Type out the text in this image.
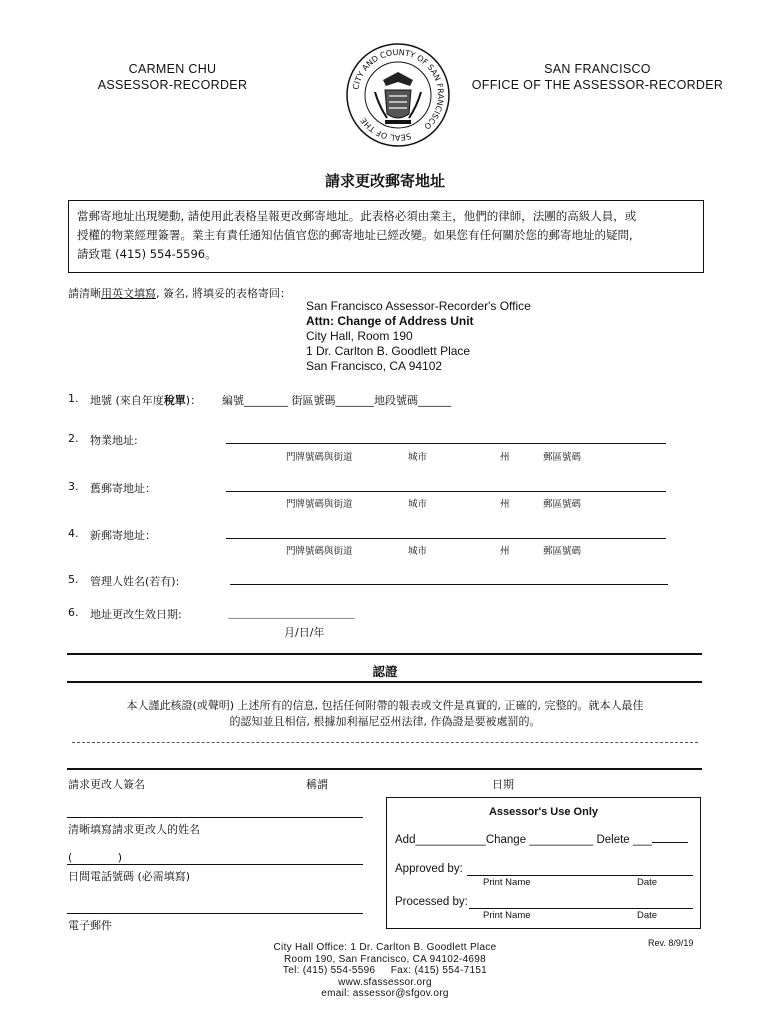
CARMEN CHU
ASSESSOR-RECORDER
SAN FRANCISCO
OFFICE OF THE ASSESSOR-RECORDER
CITY AND COUNTY OF SAN FRANCISCO
SEAL OF THE
請求更改郵寄地址
當郵寄地址出現變動, 請使用此表格呈報更改郵寄地址。此表格必須由業主，他們的律師，法團的高級人員，或
授權的物業經理簽署。業主有責任通知估值官您的郵寄地址已經改變。如果您有任何關於您的郵寄地址的疑問,
請致電 (415) 554-5596。
請清晰用英文填寫, 簽名, 將填妥的表格寄回：
San Francisco Assessor-Recorder's Office
Attn: Change of Address Unit
City Hall, Room 190
1 Dr. Carlton B. Goodlett Place
San Francisco, CA 94102
1. 地號 (來自年度稅單)： 編號________ 街區號碼_______地段號碼______
2. 物業地址:
門牌號碼與街道	城市	州	郵區號碼
3. 舊郵寄地址：
門牌號碼與街道	城市	州	郵區號碼
4. 新郵寄地址：
門牌號碼與街道	城市	州	郵區號碼
5. 管理人姓名(若有):
6. 地址更改生效日期:	_______________________
月/日/年
認證
本人謹此核證(或聲明) 上述所有的信息, 包括任何附帶的報表或文件是真實的, 正確的, 完整的。就本人最佳
的認知並且相信, 根據加利福尼亞州法律, 作偽證是要被處罰的。
請求更改人簽名	稱謂	日期
清晰填寫請求更改人的姓名
(             )
日間電話號碼 (必需填寫)
電子郵件
Assessor's Use Only
Add___________Change __________ Delete ___
Approved by:
Print Name	Date
Processed by:
Print Name	Date
City Hall Office: 1 Dr. Carlton B. Goodlett Place
Room 190, San Francisco, CA 94102-4698
Tel: (415) 554-5596     Fax: (415) 554-7151
www.sfassessor.org
email: assessor@sfgov.org
Rev. 8/9/19
